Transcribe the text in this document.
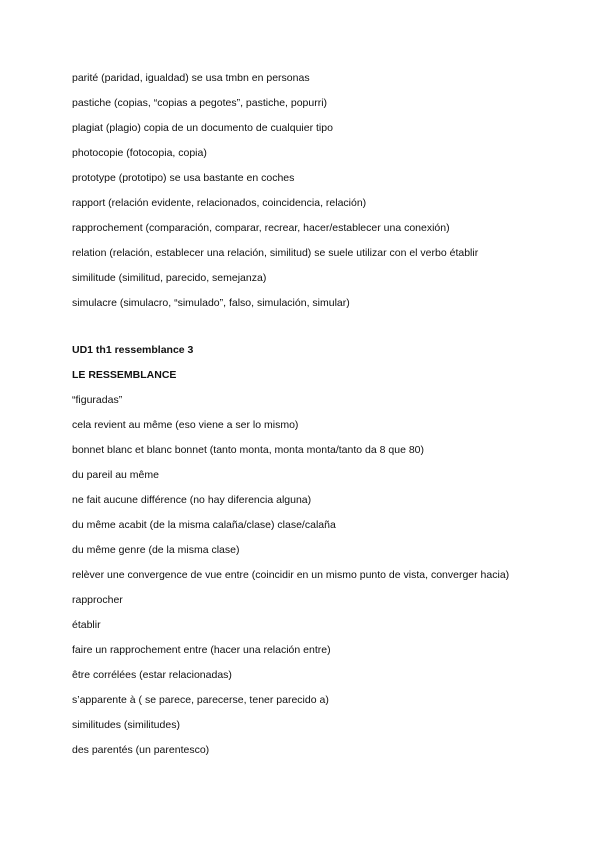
parité (paridad, igualdad) se usa tmbn en personas

pastiche (copias, “copias a pegotes”, pastiche, popurri)

plagiat (plagio) copia de un documento de cualquier tipo

photocopie (fotocopia, copia)

prototype (prototipo) se usa bastante en coches

rapport (relación evidente, relacionados, coincidencia, relación)

rapprochement (comparación, comparar, recrear, hacer/establecer una conexión)

relation (relación, establecer una relación, similitud) se suele utilizar con el verbo établir

similitude (similitud, parecido, semejanza)

simulacre (simulacro, “simulado”, falso, simulación, simular)

UD1 th1 ressemblance 3

LE RESSEMBLANCE

“figuradas”

cela revient au même (eso viene a ser lo mismo)

bonnet blanc et blanc bonnet (tanto monta, monta monta/tanto da 8 que 80)

du pareil au même

ne fait aucune différence (no hay diferencia alguna)

du même acabit (de la misma calaña/clase) clase/calaña

du même genre (de la misma clase)

relèver une convergence de vue entre (coincidir en un mismo punto de vista, converger hacia)

rapprocher

établir

faire un rapprochement entre (hacer una relación entre)

être corrélées (estar relacionadas)

s’apparente à ( se parece, parecerse, tener parecido a)

similitudes (similitudes)

des parentés (un parentesco)
